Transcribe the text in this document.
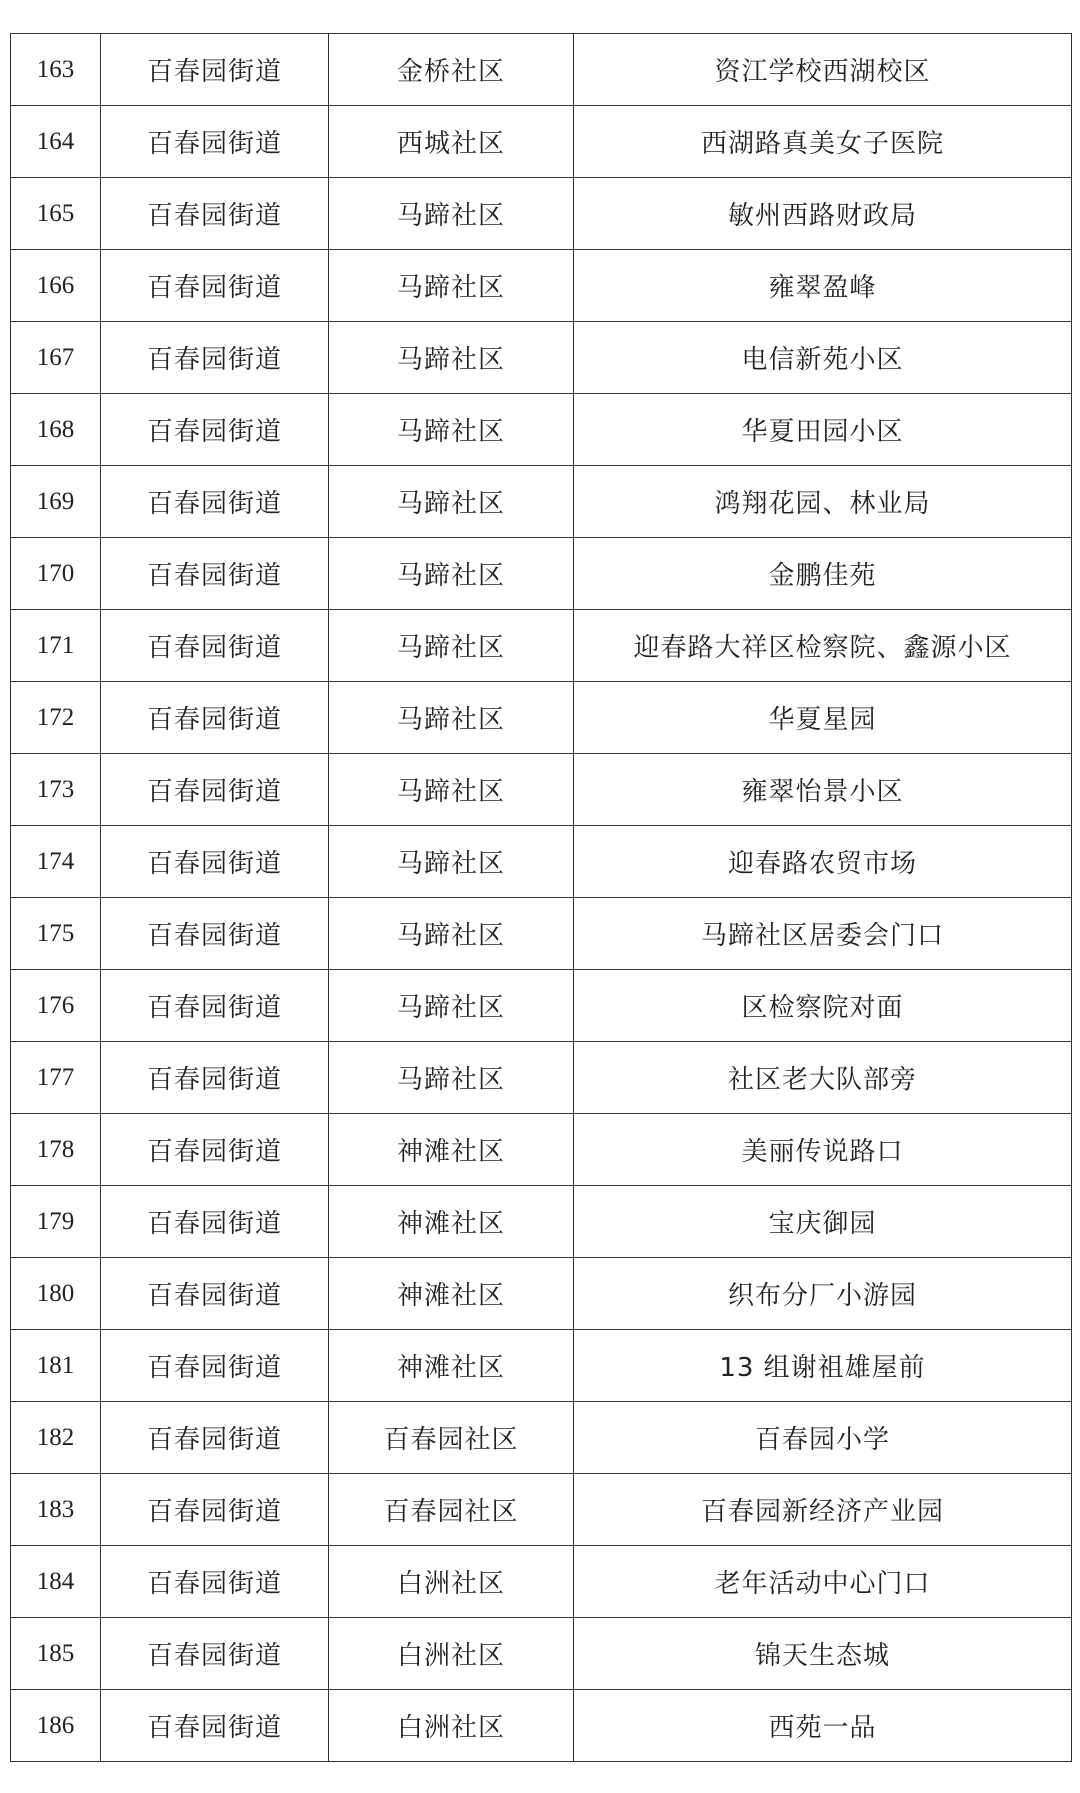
163	百春园街道	金桥社区	资江学校西湖校区
164	百春园街道	西城社区	西湖路真美女子医院
165	百春园街道	马蹄社区	敏州西路财政局
166	百春园街道	马蹄社区	雍翠盈峰
167	百春园街道	马蹄社区	电信新苑小区
168	百春园街道	马蹄社区	华夏田园小区
169	百春园街道	马蹄社区	鸿翔花园、林业局
170	百春园街道	马蹄社区	金鹏佳苑
171	百春园街道	马蹄社区	迎春路大祥区检察院、鑫源小区
172	百春园街道	马蹄社区	华夏星园
173	百春园街道	马蹄社区	雍翠怡景小区
174	百春园街道	马蹄社区	迎春路农贸市场
175	百春园街道	马蹄社区	马蹄社区居委会门口
176	百春园街道	马蹄社区	区检察院对面
177	百春园街道	马蹄社区	社区老大队部旁
178	百春园街道	神滩社区	美丽传说路口
179	百春园街道	神滩社区	宝庆御园
180	百春园街道	神滩社区	织布分厂小游园
181	百春园街道	神滩社区	13 组谢祖雄屋前
182	百春园街道	百春园社区	百春园小学
183	百春园街道	百春园社区	百春园新经济产业园
184	百春园街道	白洲社区	老年活动中心门口
185	百春园街道	白洲社区	锦天生态城
186	百春园街道	白洲社区	西苑一品
